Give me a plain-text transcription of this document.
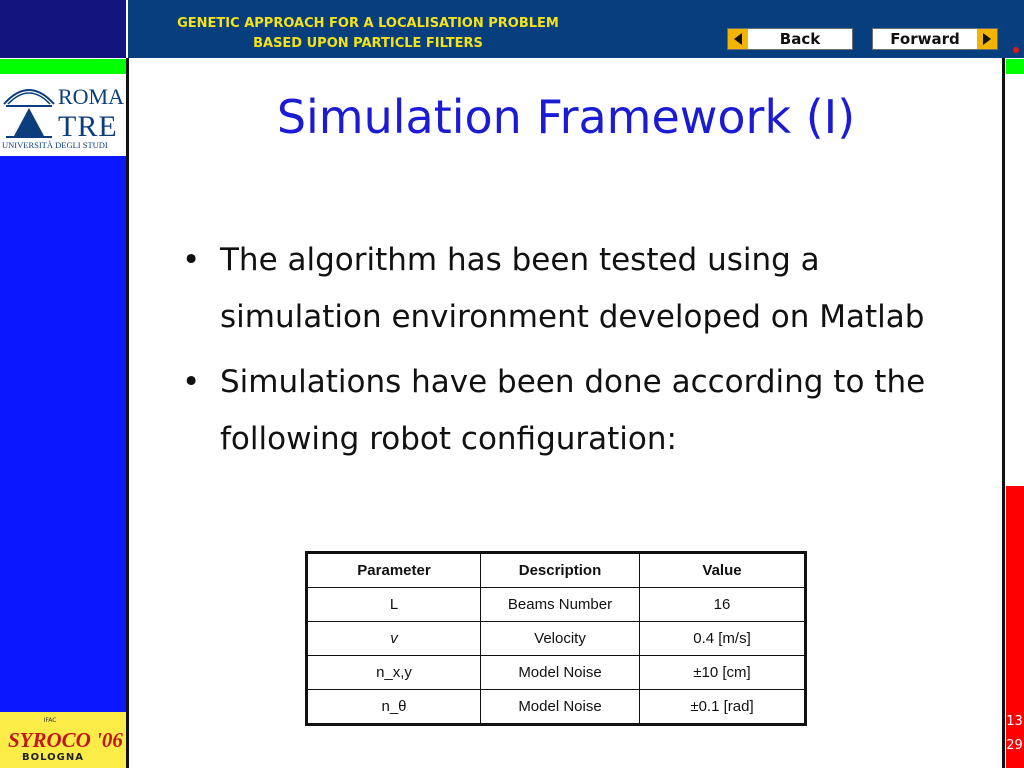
GENETIC APPROACH FOR A LOCALISATION PROBLEM
BASED UPON PARTICLE FILTERS	Back	Forward
ROMA
TRE
UNIVERSITÀ DEGLI STUDI
IFAC
SYROCO '06
BOLOGNA
13
29
Simulation Framework (I)
• The algorithm has been tested using a simulation environment developed on Matlab
• Simulations have been done according to the following robot configuration:
Parameter	Description	Value
L	Beams Number	16
v	Velocity	0.4 [m/s]
n_x,y	Model Noise	±10 [cm]
n_θ	Model Noise	±0.1 [rad]
